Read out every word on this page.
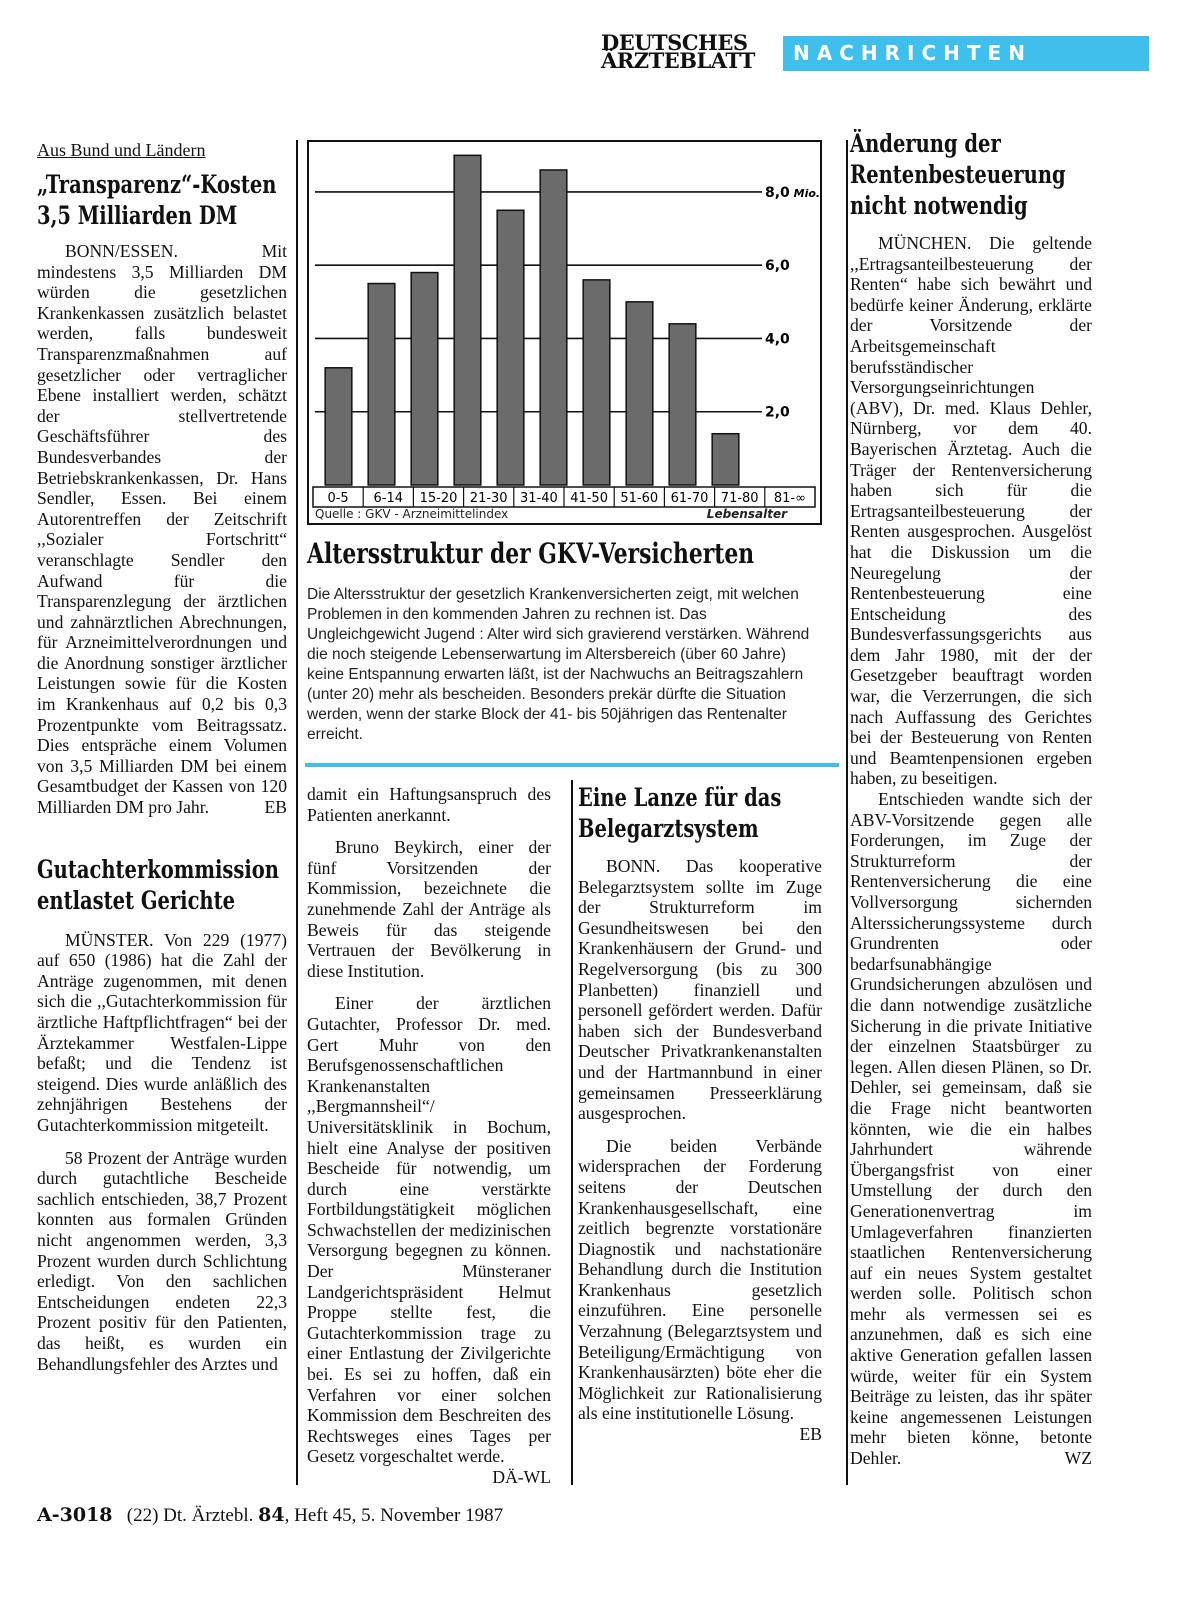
DEUTSCHES
ÄRZTEBLATT	NACHRICHTEN
Aus Bund und Ländern
„Transparenz“-Kosten 3,5 Milliarden DM

BONN/ESSEN. Mit mindestens 3,5 Milliarden DM würden die gesetzlichen Krankenkassen zusätzlich belastet werden, falls bundesweit Transparenzmaßnahmen auf gesetzlicher oder vertraglicher Ebene installiert werden, schätzt der stellvertretende Geschäftsführer des Bundesverbandes der Betriebskrankenkassen, Dr. Hans Sendler, Essen. Bei einem Autorentreffen der Zeitschrift ,,Sozialer Fortschritt“ veranschlagte Sendler den Aufwand für die Transparenzlegung der ärztlichen und zahnärztlichen Abrechnungen, für Arzneimittelverordnungen und die Anordnung sonstiger ärztlicher Leistungen sowie für die Kosten im Krankenhaus auf 0,2 bis 0,3 Prozentpunkte vom Beitragssatz. Dies entspräche einem Volumen von 3,5 Milliarden DM bei einem Gesamtbudget der Kassen von 120 Milliarden DM pro Jahr.	EB

Gutachterkommission entlastet Gerichte

MÜNSTER. Von 229 (1977) auf 650 (1986) hat die Zahl der Anträge zugenommen, mit denen sich die ,,Gutachterkommission für ärztliche Haftpflichtfragen“ bei der Ärztekammer Westfalen-Lippe befaßt; und die Tendenz ist steigend. Dies wurde anläßlich des zehnjährigen Bestehens der Gutachterkommission mitgeteilt.

58 Prozent der Anträge wurden durch gutachtliche Bescheide sachlich entschieden, 38,7 Prozent konnten aus formalen Gründen nicht angenommen werden, 3,3 Prozent wurden durch Schlichtung erledigt. Von den sachlichen Entscheidungen endeten 22,3 Prozent positiv für den Patienten, das heißt, es wurden ein Behandlungsfehler des Arztes und

2,0
4,0
6,0
8,0 Mio.
0-5 6-14 15-20 21-30 31-40 41-50 51-60 61-70 71-80 81-∞
Quelle : GKV - Arzneimittelindex	Lebensalter
Altersstruktur der GKV-Versicherten
Die Altersstruktur der gesetzlich Krankenversicherten zeigt, mit welchen Problemen in den kommenden Jahren zu rechnen ist. Das Ungleichgewicht Jugend : Alter wird sich gravierend verstärken. Während die noch steigende Lebenserwartung im Altersbereich (über 60 Jahre) keine Entspannung erwarten läßt, ist der Nachwuchs an Beitragszahlern (unter 20) mehr als bescheiden. Besonders prekär dürfte die Situation werden, wenn der starke Block der 41- bis 50jährigen das Rentenalter erreicht.

damit ein Haftungsanspruch des Patienten anerkannt.

Bruno Beykirch, einer der fünf Vorsitzenden der Kommission, bezeichnete die zunehmende Zahl der Anträge als Beweis für das steigende Vertrauen der Bevölkerung in diese Institution.

Einer der ärztlichen Gutachter, Professor Dr. med. Gert Muhr von den Berufsgenossenschaftlichen Krankenanstalten ,,Bergmannsheil“/ Universitätsklinik in Bochum, hielt eine Analyse der positiven Bescheide für notwendig, um durch eine verstärkte Fortbildungstätigkeit möglichen Schwachstellen der medizinischen Versorgung begegnen zu können. Der Münsteraner Landgerichtspräsident Helmut Proppe stellte fest, die Gutachterkommission trage zu einer Entlastung der Zivilgerichte bei. Es sei zu hoffen, daß ein Verfahren vor einer solchen Kommission dem Beschreiten des Rechtsweges eines Tages per Gesetz vorgeschaltet werde.
DÄ-WL

Eine Lanze für das Belegarztsystem

BONN. Das kooperative Belegarztsystem sollte im Zuge der Strukturreform im Gesundheitswesen bei den Krankenhäusern der Grund- und Regelversorgung (bis zu 300 Planbetten) finanziell und personell gefördert werden. Dafür haben sich der Bundesverband Deutscher Privatkrankenanstalten und der Hartmannbund in einer gemeinsamen Presseerklärung ausgesprochen.

Die beiden Verbände widersprachen der Forderung seitens der Deutschen Krankenhausgesellschaft, eine zeitlich begrenzte vorstationäre Diagnostik und nachstationäre Behandlung durch die Institution Krankenhaus gesetzlich einzuführen. Eine personelle Verzahnung (Belegarztsystem und Beteiligung/Ermächtigung von Krankenhausärzten) böte eher die Möglichkeit zur Rationalisierung als eine institutionelle Lösung.
EB

Änderung der Rentenbesteuerung nicht notwendig

MÜNCHEN. Die geltende ,,Ertragsanteilbesteuerung der Renten“ habe sich bewährt und bedürfe keiner Änderung, erklärte der Vorsitzende der Arbeitsgemeinschaft berufsständischer Versorgungseinrichtungen (ABV), Dr. med. Klaus Dehler, Nürnberg, vor dem 40. Bayerischen Ärztetag. Auch die Träger der Rentenversicherung haben sich für die Ertragsanteilbesteuerung der Renten ausgesprochen. Ausgelöst hat die Diskussion um die Neuregelung der Rentenbesteuerung eine Entscheidung des Bundesverfassungsgerichts aus dem Jahr 1980, mit der der Gesetzgeber beauftragt worden war, die Verzerrungen, die sich nach Auffassung des Gerichtes bei der Besteuerung von Renten und Beamtenpensionen ergeben haben, zu beseitigen.

Entschieden wandte sich der ABV-Vorsitzende gegen alle Forderungen, im Zuge der Strukturreform der Rentenversicherung die eine Vollversorgung sichernden Alterssicherungssysteme durch Grundrenten oder bedarfsunabhängige Grundsicherungen abzulösen und die dann notwendige zusätzliche Sicherung in die private Initiative der einzelnen Staatsbürger zu legen. Allen diesen Plänen, so Dr. Dehler, sei gemeinsam, daß sie die Frage nicht beantworten könnten, wie die ein halbes Jahrhundert währende Übergangsfrist von einer Umstellung der durch den Generationenvertrag im Umlageverfahren finanzierten staatlichen Rentenversicherung auf ein neues System gestaltet werden solle. Politisch schon mehr als vermessen sei es anzunehmen, daß es sich eine aktive Generation gefallen lassen würde, weiter für ein System Beiträge zu leisten, das ihr später keine angemessenen Leistungen mehr bieten könne, betonte Dehler.	WZ

A-3018 (22) Dt. Ärztebl. 84, Heft 45, 5. November 1987
